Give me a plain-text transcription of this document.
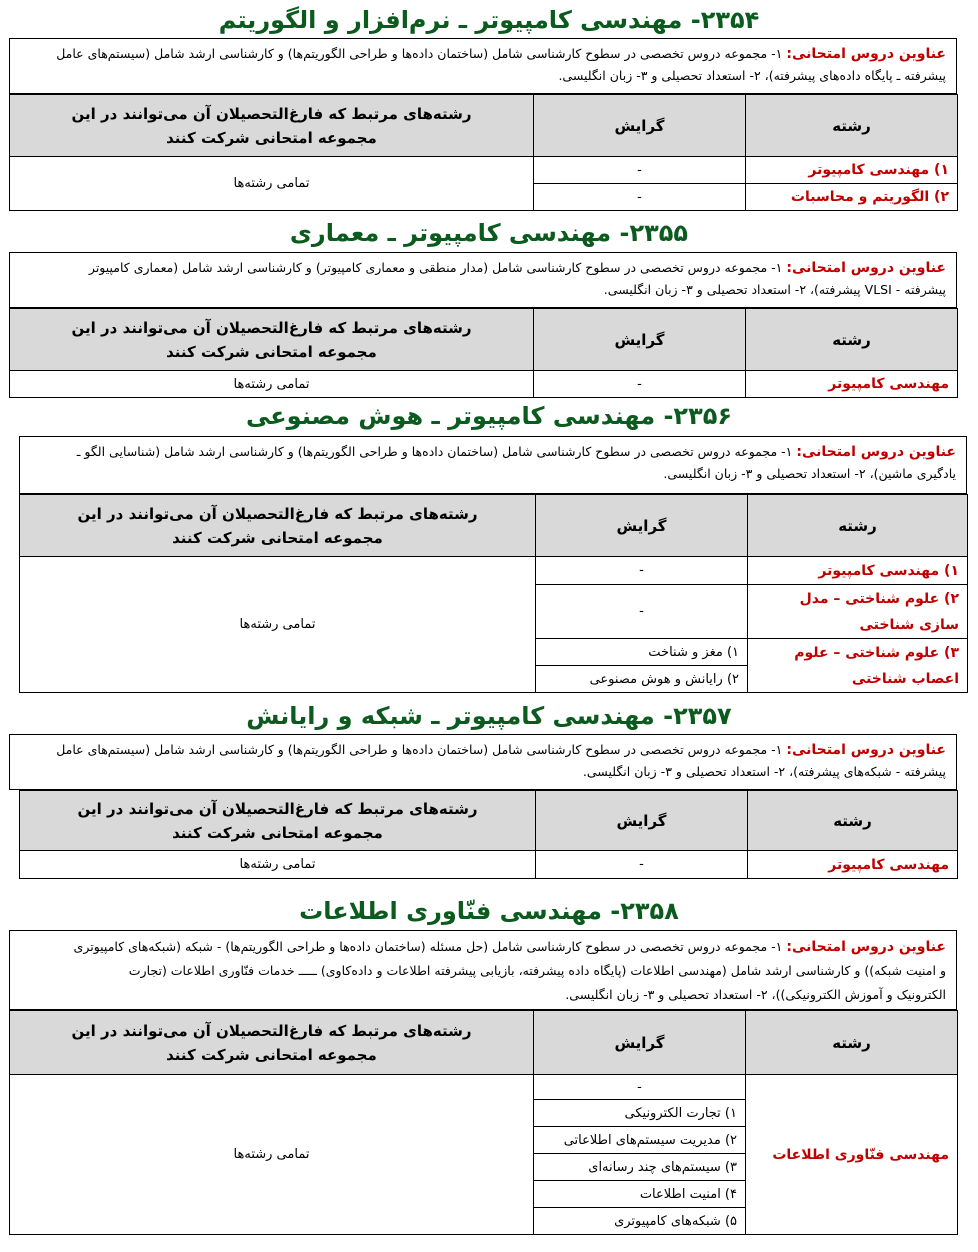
۲۳۵۴- مهندسی کامپیوتر ـ نرم‌افزار و الگوریتم
عناوین دروس امتحانی: ۱- مجموعه دروس تخصصی در سطوح کارشناسی شامل (ساختمان داده‌ها و طراحی الگوریتم‌ها) و کارشناسی ارشد شامل (سیستم‌های عامل
پیشرفته ـ پایگاه داده‌های پیشرفته)، ۲- استعداد تحصیلی و ۳- زبان انگلیسی.
رشته	گرایش	رشته‌های مرتبط که فارغ‌التحصیلان آن می‌توانند در این مجموعه امتحانی شرکت کنند
۱) مهندسی کامپیوتر	-	تمامی رشته‌ها
۲) الگوریتم و محاسبات	-	
۲۳۵۵- مهندسی کامپیوتر ـ معماری
عناوین دروس امتحانی: ۱- مجموعه دروس تخصصی در سطوح کارشناسی شامل (مدار منطقی و معماری کامپیوتر) و کارشناسی ارشد شامل (معماری کامپیوتر
پیشرفته - VLSI پیشرفته)، ۲- استعداد تحصیلی و ۳- زبان انگلیسی.
رشته	گرایش	رشته‌های مرتبط که فارغ‌التحصیلان آن می‌توانند در این مجموعه امتحانی شرکت کنند
مهندسی کامپیوتر	-	تمامی رشته‌ها
۲۳۵۶- مهندسی کامپیوتر ـ هوش مصنوعی
عناوین دروس امتحانی: ۱- مجموعه دروس تخصصی در سطوح کارشناسی شامل (ساختمان داده‌ها و طراحی الگوریتم‌ها) و کارشناسی ارشد شامل (شناسایی الگو ـ
یادگیری ماشین)، ۲- استعداد تحصیلی و ۳- زبان انگلیسی.
رشته	گرایش	رشته‌های مرتبط که فارغ‌التحصیلان آن می‌توانند در این مجموعه امتحانی شرکت کنند
۱) مهندسی کامپیوتر	-	تمامی رشته‌ها
۲) علوم شناختی – مدل سازی شناختی	-	
۳) علوم شناختی – علوم اعصاب شناختی	۱) مغز و شناخت	
	۲) رایانش و هوش مصنوعی	
۲۳۵۷- مهندسی کامپیوتر ـ شبکه و رایانش
عناوین دروس امتحانی: ۱- مجموعه دروس تخصصی در سطوح کارشناسی شامل (ساختمان داده‌ها و طراحی الگوریتم‌ها) و کارشناسی ارشد شامل (سیستم‌های عامل
پیشرفته - شبکه‌های پیشرفته)، ۲- استعداد تحصیلی و ۳- زبان انگلیسی.
رشته	گرایش	رشته‌های مرتبط که فارغ‌التحصیلان آن می‌توانند در این مجموعه امتحانی شرکت کنند
مهندسی کامپیوتر	-	تمامی رشته‌ها
۲۳۵۸- مهندسی فنّاوری اطلاعات
عناوین دروس امتحانی: ۱- مجموعه دروس تخصصی در سطوح کارشناسی شامل (حل مسئله (ساختمان داده‌ها و طراحی الگوریتم‌ها) - شبکه (شبکه‌های کامپیوتری
و امنیت شبکه)) و کارشناسی ارشد شامل (مهندسی اطلاعات (پایگاه داده پیشرفته، بازیابی پیشرفته اطلاعات و داده‌کاوی) ـــــ خدمات فنّاوری اطلاعات (تجارت
الکترونیک و آموزش الکترونیکی))، ۲- استعداد تحصیلی و ۳- زبان انگلیسی.
رشته	گرایش	رشته‌های مرتبط که فارغ‌التحصیلان آن می‌توانند در این مجموعه امتحانی شرکت کنند
مهندسی فنّاوری اطلاعات	-	تمامی رشته‌ها
	۱) تجارت الکترونیکی	
	۲) مدیریت سیستم‌های اطلاعاتی	
	۳) سیستم‌های چند رسانه‌ای	
	۴) امنیت اطلاعات	
	۵) شبکه‌های کامپیوتری	
